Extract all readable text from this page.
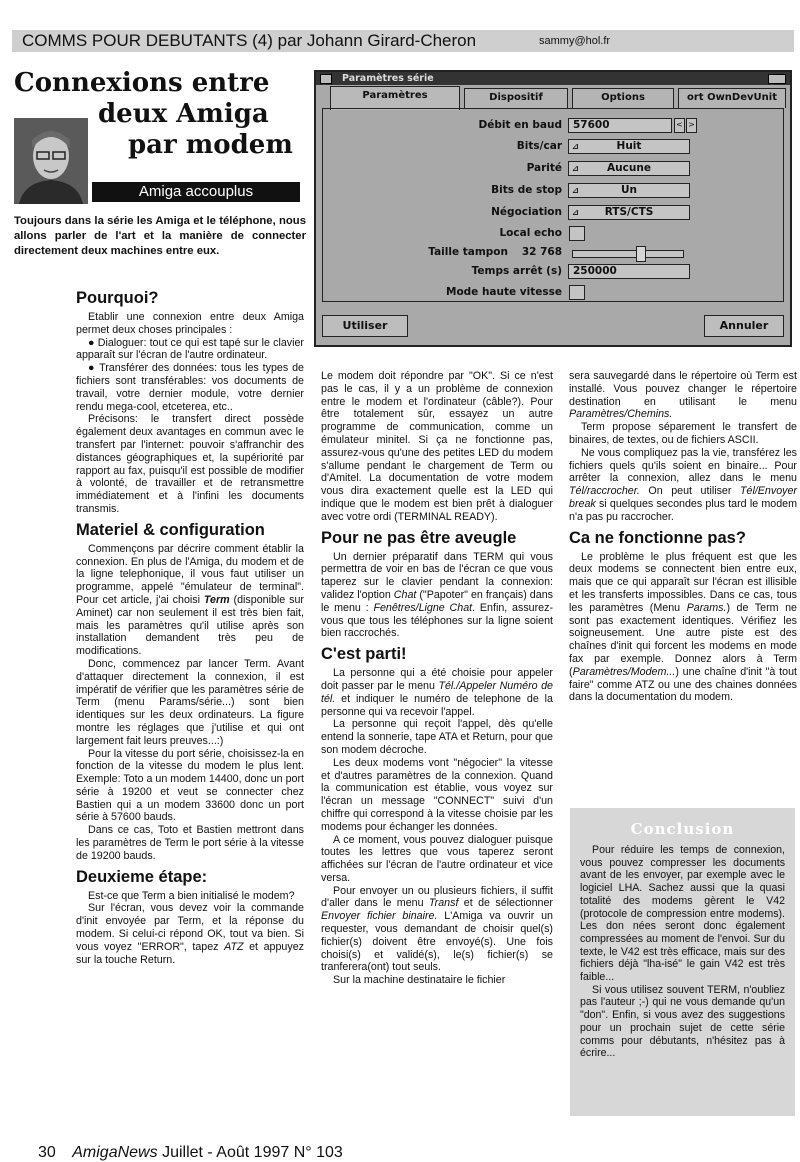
COMMS POUR DEBUTANTS (4) par Johann Girard-Cheron	sammy@hol.fr
Connexions entre
deux Amiga
par modem
Amiga accouplus
Toujours dans la série les Amiga et le téléphone, nous allons parler de l'art et la manière de connecter directement deux machines entre eux.
Paramètres série
Paramètres	Dispositif	Options	ort OwnDevUnit
Débit en baud 57600	< >
Bits/car ⊿	Huit
Parité ⊿	Aucune
Bits de stop ⊿	Un
Négociation ⊿ RTS/CTS
Local echo
Taille tampon 32 768
Temps arrêt (s) 250000
Mode haute vitesse
Utiliser	Annuler
Pourquoi?

Etablir une connexion entre deux Amiga permet deux choses principales :

● Dialoguer: tout ce qui est tapé sur le clavier apparaît sur l'écran de l'autre ordinateur.

● Transférer des données: tous les types de fichiers sont transférables: vos documents de travail, votre dernier module, votre dernier rendu mega-cool, etceterea, etc..

Précisons: le transfert direct possède également deux avantages en commun avec le transfert par l'internet: pouvoir s'affranchir des distances géographiques et, la supériorité par rapport au fax, puisqu'il est possible de modifier à volonté, de travailler et de retransmettre immédiatement et à l'infini les documents transmis.

Materiel & configuration

Commençons par décrire comment établir la connexion. En plus de l'Amiga, du modem et de la ligne telephonique, il vous faut utiliser un programme, appelé "émulateur de terminal". Pour cet article, j'ai choisi Term (disponible sur Aminet) car non seulement il est très bien fait, mais les paramètres qu'il utilise après son installation demandent très peu de modifications.

Donc, commencez par lancer Term. Avant d'attaquer directement la connexion, il est impératif de vérifier que les paramètres série de Term (menu Params/série...) sont bien identiques sur les deux ordinateurs. La figure montre les réglages que j'utilise et qui ont largement fait leurs preuves...:)

Pour la vitesse du port série, choisissez-la en fonction de la vitesse du modem le plus lent. Exemple: Toto a un modem 14400, donc un port série à 19200 et veut se connecter chez Bastien qui a un modem 33600 donc un port série à 57600 bauds.

Dans ce cas, Toto et Bastien mettront dans les paramètres de Term le port série à la vitesse de 19200 bauds.

Deuxieme étape:

Est-ce que Term a bien initialisé le modem?

Sur l'écran, vous devez voir la commande d'init envoyée par Term, et la réponse du modem. Si celui-ci répond OK, tout va bien. Si vous voyez "ERROR", tapez ATZ et appuyez sur la touche Return.

Le modem doit répondre par "OK". Si ce n'est pas le cas, il y a un problème de connexion entre le modem et l'ordinateur (câble?). Pour être totalement sûr, essayez un autre programme de communication, comme un émulateur minitel. Si ça ne fonctionne pas, assurez-vous qu'une des petites LED du modem s'allume pendant le chargement de Term ou d'Amitel. La documentation de votre modem vous dira exactement quelle est la LED qui indique que le modem est bien prêt à dialoguer avec votre ordi (TERMINAL READY).

Pour ne pas être aveugle

Un dernier préparatif dans TERM qui vous permettra de voir en bas de l'écran ce que vous taperez sur le clavier pendant la connexion: validez l'option Chat ("Papoter" en français) dans le menu : Fenêtres/Ligne Chat. Enfin, assurez-vous que tous les téléphones sur la ligne soient bien raccrochés.

C'est parti!

La personne qui a été choisie pour appeler doit passer par le menu Tél./Appeler Numéro de tél. et indiquer le numéro de telephone de la personne qui va recevoir l'appel.

La personne qui reçoit l'appel, dès qu'elle entend la sonnerie, tape ATA et Return, pour que son modem décroche.

Les deux modems vont "négocier" la vitesse et d'autres paramètres de la connexion. Quand la communication est établie, vous voyez sur l'écran un message "CONNECT" suivi d'un chiffre qui correspond à la vitesse choisie par les modems pour échanger les données.

A ce moment, vous pouvez dialoguer puisque toutes les lettres que vous taperez seront affichées sur l'écran de l'autre ordinateur et vice versa.

Pour envoyer un ou plusieurs fichiers, il suffit d'aller dans le menu Transf et de sélectionner Envoyer fichier binaire. L'Amiga va ouvrir un requester, vous demandant de choisir quel(s) fichier(s) doivent être envoyé(s). Une fois choisi(s) et validé(s), le(s) fichier(s) se tranferera(ont) tout seuls.

Sur la machine destinataire le fichier

sera sauvegardé dans le répertoire où Term est installé. Vous pouvez changer le répertoire destination en utilisant le menu Paramètres/Chemins.

Term propose séparement le transfert de binaires, de textes, ou de fichiers ASCII.

Ne vous compliquez pas la vie, transférez les fichiers quels qu'ils soient en binaire... Pour arrêter la connexion, allez dans le menu Tél/raccrocher. On peut utiliser Tél/Envoyer break si quelques secondes plus tard le modem n'a pas pu raccrocher.

Ca ne fonctionne pas?

Le problème le plus fréquent est que les deux modems se connectent bien entre eux, mais que ce qui apparaît sur l'écran est illisible et les transferts impossibles. Dans ce cas, tous les paramètres (Menu Params.) de Term ne sont pas exactement identiques. Vérifiez les soigneusement. Une autre piste est des chaînes d'init qui forcent les modems en mode fax par exemple. Donnez alors à Term (Paramètres/Modem...) une chaîne d'init "à tout faire" comme ATZ ou une des chaines données dans la documentation du modem.

Conclusion

Pour réduire les temps de connexion, vous pouvez compresser les documents avant de les envoyer, par exemple avec le logiciel LHA. Sachez aussi que la quasi totalité des modems gèrent le V42 (protocole de compression entre modems). Les don nées seront donc également compressées au moment de l'envoi. Sur du texte, le V42 est très efficace, mais sur des fichiers déjà "lha-isé" le gain V42 est très faible...

Si vous utilisez souvent TERM, n'oubliez pas l'auteur ;-) qui ne vous demande qu'un "don". Enfin, si vous avez des suggestions pour un prochain sujet de cette série comms pour débutants, n'hésitez pas à écrire...

30 AmigaNews Juillet - Août 1997 N° 103
